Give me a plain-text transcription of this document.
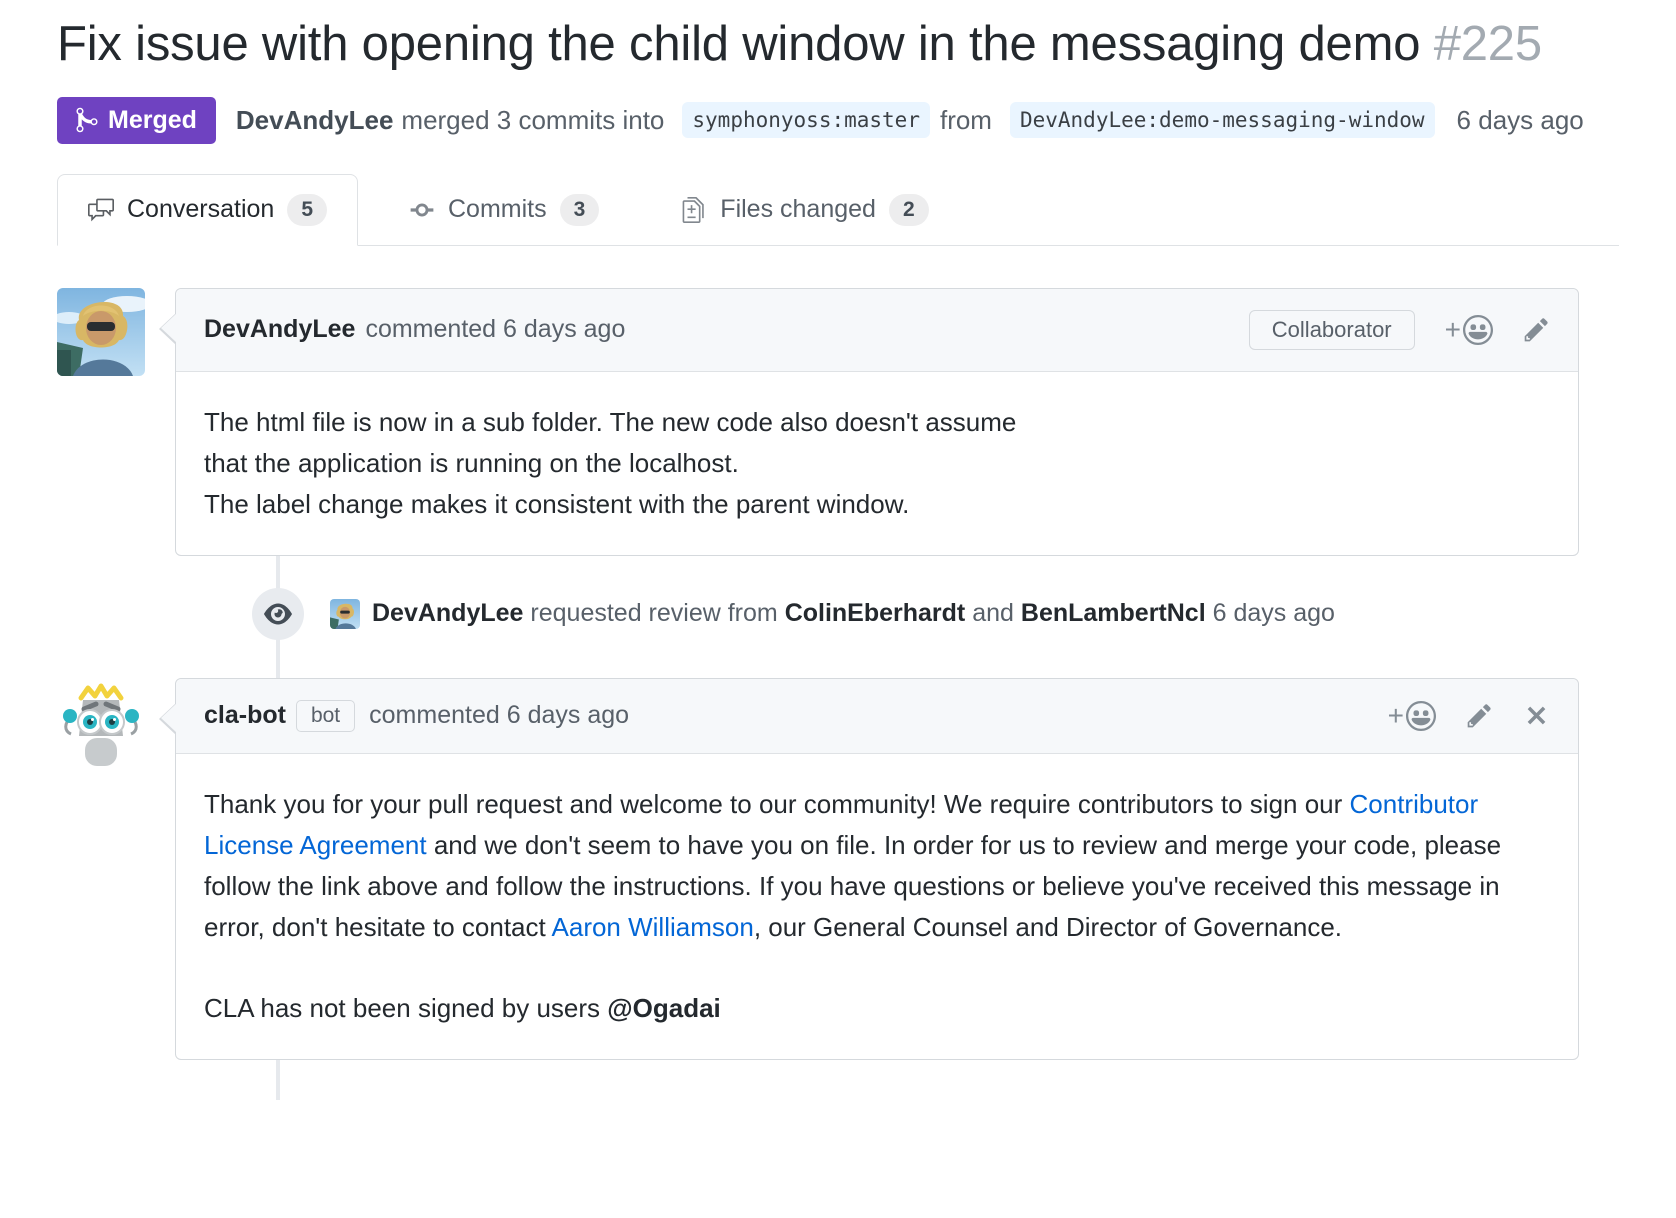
Fix issue with opening the child window in the messaging demo #225
Merged DevAndyLee merged 3 commits into	symphonyoss:master from	DevAndyLee:demo-messaging-window	6 days ago
Conversation	5	Commits	3	Files changed	2
DevAndyLee commented 6 days ago	Collaborator	+
The html file is now in a sub folder. The new code also doesn't assume
that the application is running on the localhost.
The label change makes it consistent with the parent window.
DevAndyLee requested review from ColinEberhardt and BenLambertNcl 6 days ago
cla-bot	bot	commented 6 days ago	+

Thank you for your pull request and welcome to our community! We require contributors to sign our Contributor License Agreement and we don't seem to have you on file. In order for us to review and merge your code, please follow the link above and follow the instructions. If you have questions or believe you've received this message in error, don't hesitate to contact Aaron Williamson, our General Counsel and Director of Governance.

CLA has not been signed by users @Ogadai
